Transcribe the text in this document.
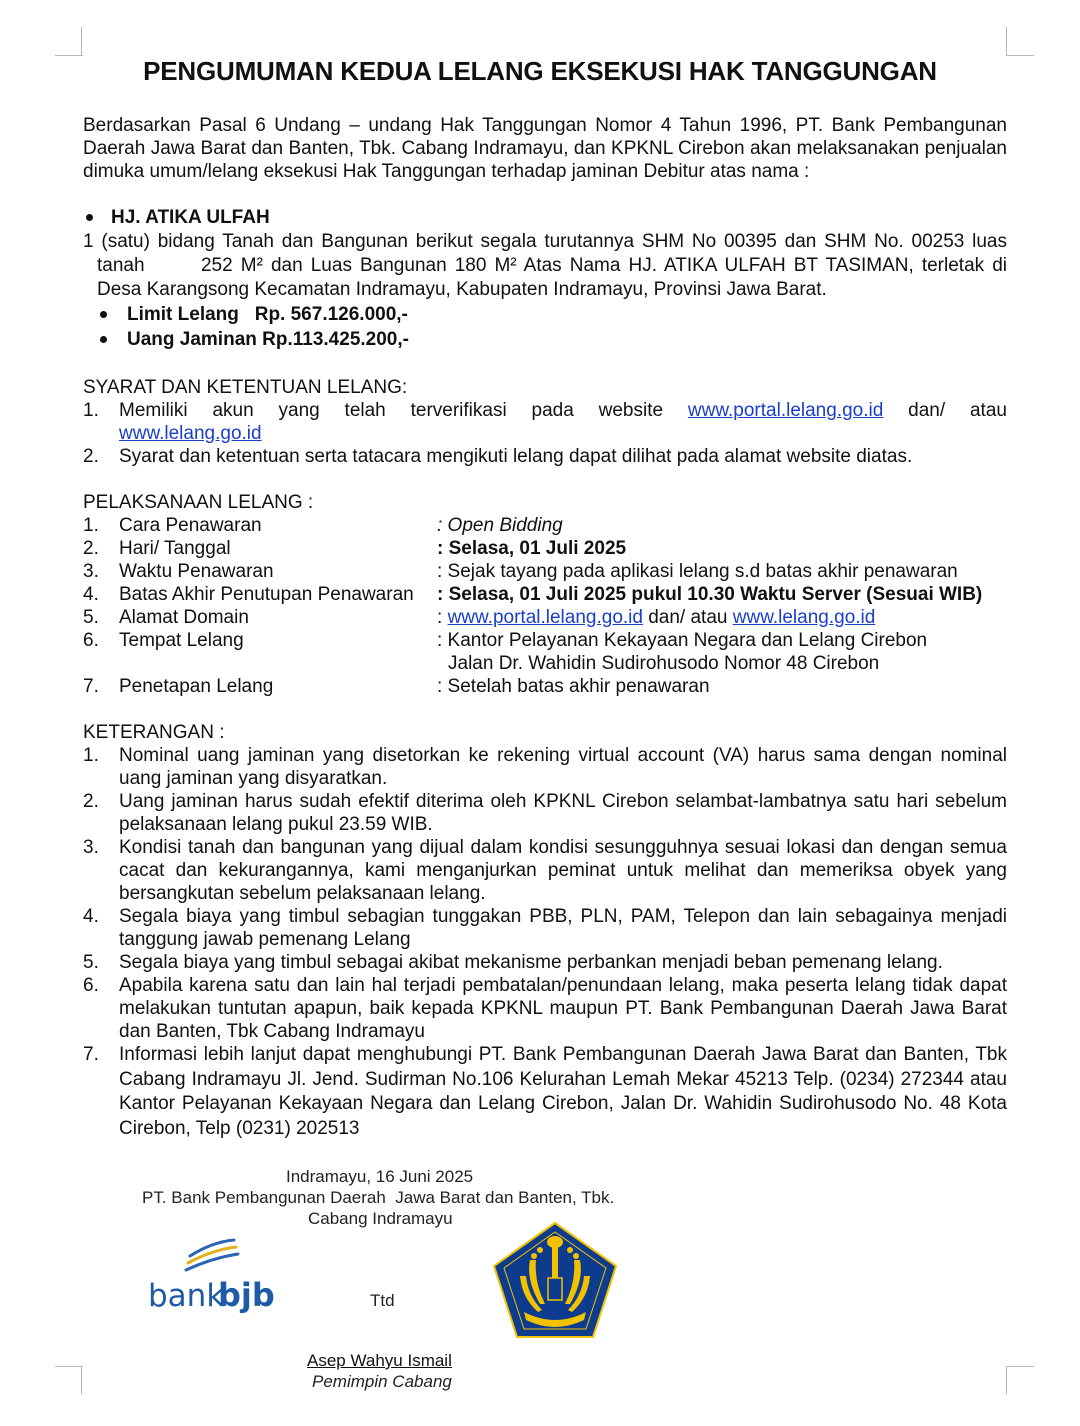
PENGUMUMAN KEDUA LELANG EKSEKUSI HAK TANGGUNGAN
Berdasarkan Pasal 6 Undang – undang Hak Tanggungan Nomor 4 Tahun 1996, PT. Bank Pembangunan Daerah Jawa Barat dan Banten, Tbk. Cabang Indramayu, dan KPKNL Cirebon akan melaksanakan penjualan dimuka umum/lelang eksekusi Hak Tanggungan terhadap jaminan Debitur atas nama :
HJ. ATIKA ULFAH
1 (satu) bidang Tanah dan Bangunan berikut segala turutannya SHM No 00395 dan SHM No. 00253 luas
tanah       252 M² dan Luas Bangunan 180 M² Atas Nama HJ. ATIKA ULFAH BT TASIMAN, terletak di
Desa Karangsong Kecamatan Indramayu, Kabupaten Indramayu, Provinsi Jawa Barat.
Limit Lelang   Rp. 567.126.000,-
Uang Jaminan Rp.113.425.200,-
SYARAT DAN KETENTUAN LELANG:
1.	Memiliki akun yang telah terverifikasi pada website www.portal.lelang.go.id dan/ atau
www.lelang.go.id
2.	Syarat dan ketentuan serta tatacara mengikuti lelang dapat dilihat pada alamat website diatas.
PELAKSANAAN LELANG :
1.	Cara Penawaran	: Open Bidding
2.	Hari/ Tanggal	: Selasa, 01 Juli 2025
3.	Waktu Penawaran	: Sejak tayang pada aplikasi lelang s.d batas akhir penawaran
4.	Batas Akhir Penutupan Penawaran : Selasa, 01 Juli 2025 pukul 10.30 Waktu Server (Sesuai WIB)
5.	Alamat Domain	: www.portal.lelang.go.id dan/ atau www.lelang.go.id
6.	Tempat Lelang	: Kantor Pelayanan Kekayaan Negara dan Lelang Cirebon
Jalan Dr. Wahidin Sudirohusodo Nomor 48 Cirebon
7.	Penetapan Lelang	: Setelah batas akhir penawaran
KETERANGAN :
1.	Nominal uang jaminan yang disetorkan ke rekening virtual account (VA) harus sama dengan nominal uang jaminan yang disyaratkan.
2.	Uang jaminan harus sudah efektif diterima oleh KPKNL Cirebon selambat-lambatnya satu hari sebelum pelaksanaan lelang pukul 23.59 WIB.
3.	Kondisi tanah dan bangunan yang dijual dalam kondisi sesungguhnya sesuai lokasi dan dengan semua cacat dan kekurangannya, kami menganjurkan peminat untuk melihat dan memeriksa obyek yang bersangkutan sebelum pelaksanaan lelang.
4.	Segala biaya yang timbul sebagian tunggakan PBB, PLN, PAM, Telepon dan lain sebagainya menjadi tanggung jawab pemenang Lelang
5.	Segala biaya yang timbul sebagai akibat mekanisme perbankan menjadi beban pemenang lelang.
6.	Apabila karena satu dan lain hal terjadi pembatalan/penundaan lelang, maka peserta lelang tidak dapat melakukan tuntutan apapun, baik kepada KPKNL maupun PT. Bank Pembangunan Daerah Jawa Barat dan Banten, Tbk Cabang Indramayu
7.	Informasi lebih lanjut dapat menghubungi PT. Bank Pembangunan Daerah Jawa Barat dan Banten, Tbk Cabang Indramayu Jl. Jend. Sudirman No.106 Kelurahan Lemah Mekar 45213 Telp. (0234) 272344 atau Kantor Pelayanan Kekayaan Negara dan Lelang Cirebon, Jalan Dr. Wahidin Sudirohusodo No. 48 Kota Cirebon, Telp (0231) 202513
Indramayu, 16 Juni 2025
PT. Bank Pembangunan Daerah  Jawa Barat dan Banten, Tbk.
Cabang Indramayu
bank
bjb	Ttd
Asep Wahyu Ismail
Pemimpin Cabang
